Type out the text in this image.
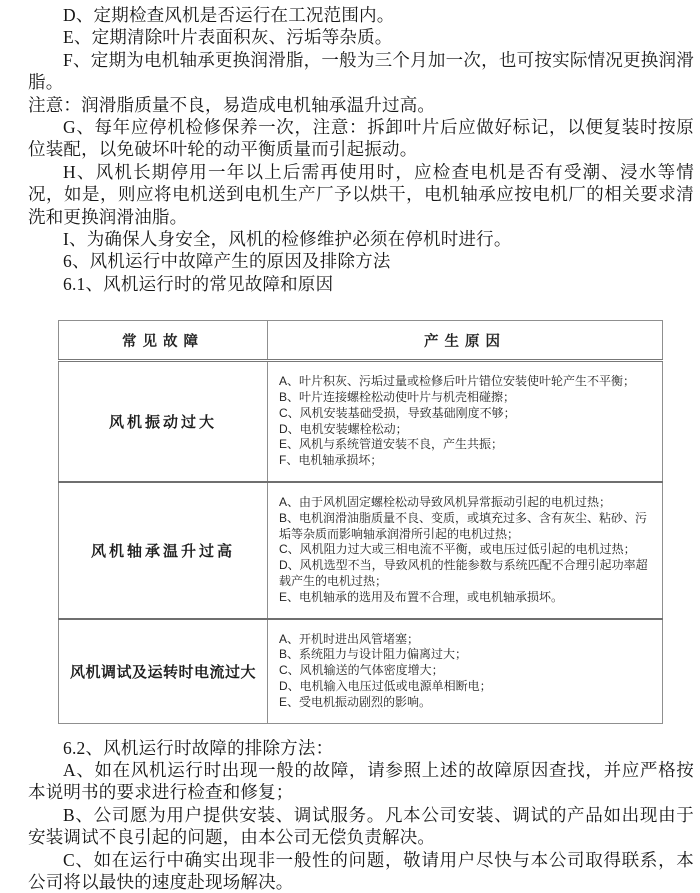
D、定期检查风机是否运行在工况范围内。

E、定期清除叶片表面积灰、污垢等杂质。

F、定期为电机轴承更换润滑脂，一般为三个月加一次，也可按实际情况更换润滑脂。

注意：润滑脂质量不良，易造成电机轴承温升过高。

G、每年应停机检修保养一次，注意：拆卸叶片后应做好标记，以便复装时按原位装配，以免破坏叶轮的动平衡质量而引起振动。

H、风机长期停用一年以上后需再使用时，应检查电机是否有受潮、浸水等情况，如是，则应将电机送到电机生产厂予以烘干，电机轴承应按电机厂的相关要求清洗和更换润滑油脂。

I、为确保人身安全，风机的检修维护必须在停机时进行。

6、风机运行中故障产生的原因及排除方法

6.1、风机运行时的常见故障和原因

常见故障	产生原因
风机振动过大	
A、叶片积灰、污垢过量或检修后叶片错位安装使叶轮产生不平衡；
B、叶片连接螺栓松动使叶片与机壳相碰擦；
C、风机安装基础受损，导致基础刚度不够；
D、电机安装螺栓松动；
E、风机与系统管道安装不良，产生共振；
F、电机轴承损坏；

风机轴承温升过高	A、由于风机固定螺栓松动导致风机异常振动引起的电机过热；
B、电机润滑油脂质量不良、变质，或填充过多、含有灰尘、粘砂、污垢等杂质而影响轴承润滑所引起的电机过热；
C、风机阻力过大或三相电流不平衡，或电压过低引起的电机过热；
D、风机选型不当，导致风机的性能参数与系统匹配不合理引起功率超载产生的电机过热；
E、电机轴承的选用及布置不合理，或电机轴承损坏。

风机调试及运转时电流过大	A、开机时进出风管堵塞；
B、系统阻力与设计阻力偏离过大；
C、风机输送的气体密度增大；
D、电机输入电压过低或电源单相断电；
E、受电机振动剧烈的影响。

6.2、风机运行时故障的排除方法：

A、如在风机运行时出现一般的故障，请参照上述的故障原因查找，并应严格按本说明书的要求进行检查和修复；

B、公司愿为用户提供安装、调试服务。凡本公司安装、调试的产品如出现由于安装调试不良引起的问题，由本公司无偿负责解决。

C、如在运行中确实出现非一般性的问题，敬请用户尽快与本公司取得联系，本公司将以最快的速度赴现场解决。
